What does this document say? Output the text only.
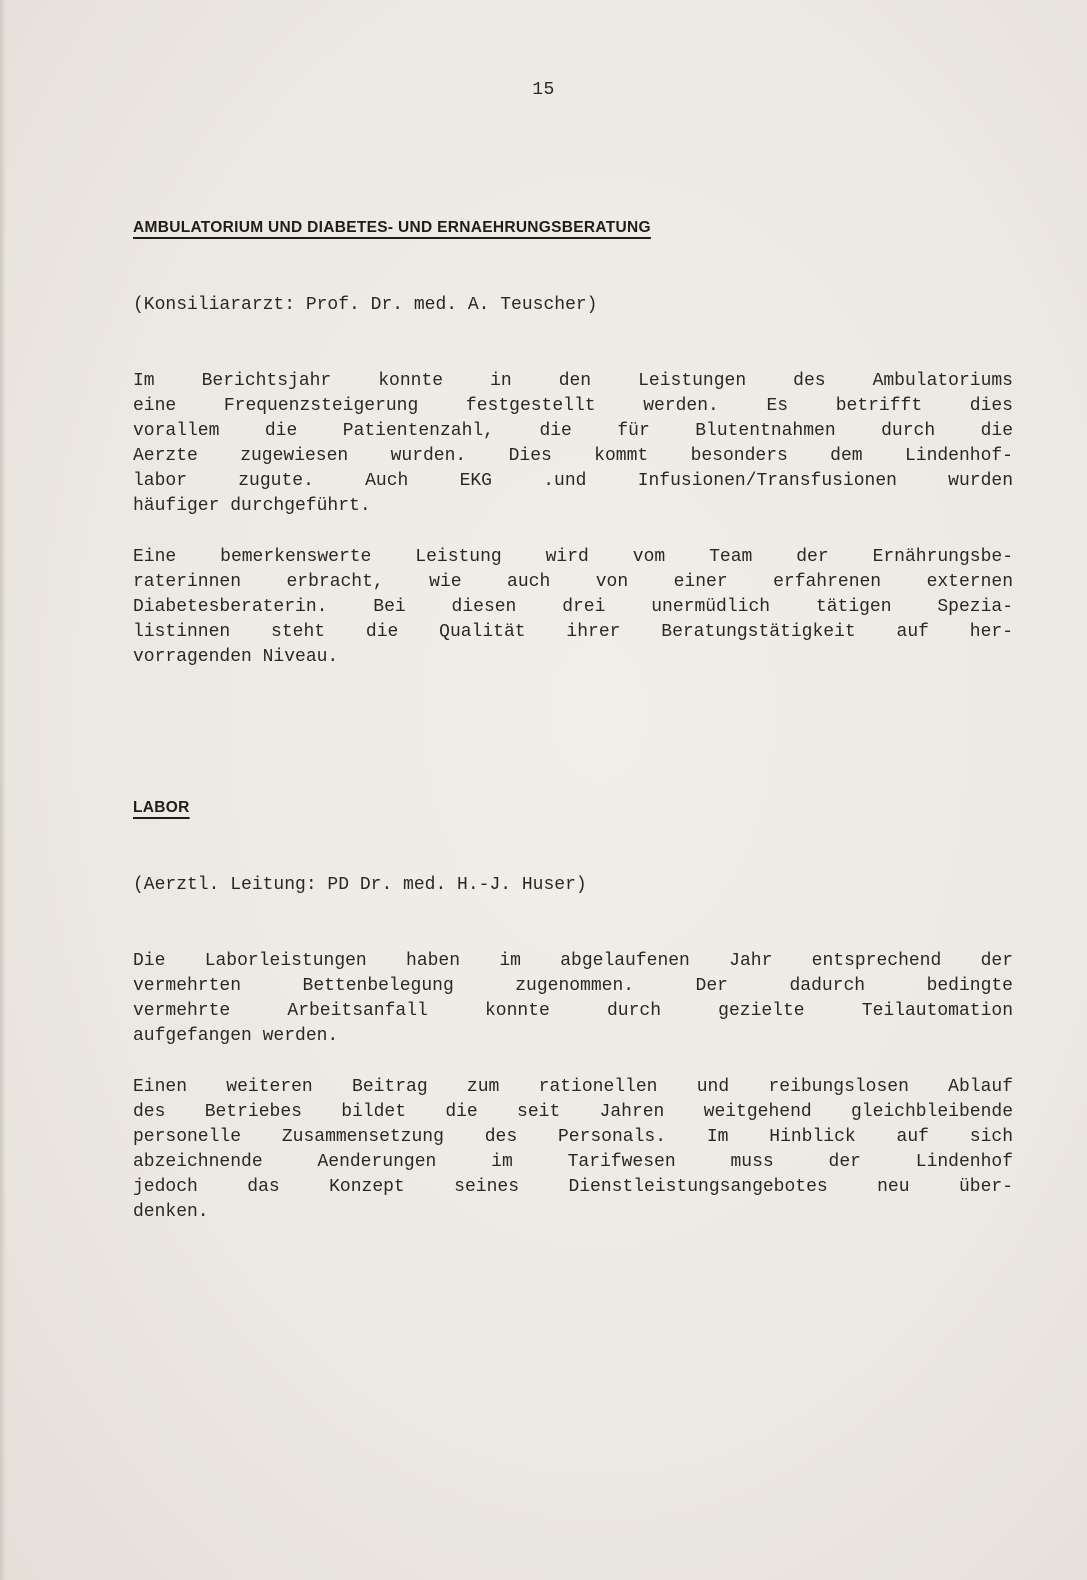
15
AMBULATORIUM UND DIABETES- UND ERNAEHRUNGSBERATUNG
(Konsiliararzt: Prof. Dr. med. A. Teuscher)
Im Berichtsjahr konnte in den Leistungen des Ambulatoriums
eine Frequenzsteigerung festgestellt werden. Es betrifft dies
vorallem die Patientenzahl, die für Blutentnahmen durch die
Aerzte zugewiesen wurden. Dies kommt besonders dem Lindenhof-
labor zugute. Auch EKG .und Infusionen/Transfusionen wurden
häufiger durchgeführt.
Eine bemerkenswerte Leistung wird vom Team der Ernährungsbe-
raterinnen erbracht, wie auch von einer erfahrenen externen
Diabetesberaterin. Bei diesen drei unermüdlich tätigen Spezia-
listinnen steht die Qualität ihrer Beratungstätigkeit auf her-
vorragenden Niveau.
LABOR
(Aerztl. Leitung: PD Dr. med. H.-J. Huser)
Die Laborleistungen haben im abgelaufenen Jahr entsprechend der
vermehrten Bettenbelegung zugenommen. Der dadurch bedingte
vermehrte Arbeitsanfall konnte durch gezielte Teilautomation
aufgefangen werden.
Einen weiteren Beitrag zum rationellen und reibungslosen Ablauf
des Betriebes bildet die seit Jahren weitgehend gleichbleibende
personelle Zusammensetzung des Personals. Im Hinblick auf sich
abzeichnende Aenderungen im Tarifwesen muss der Lindenhof
jedoch das Konzept seines Dienstleistungsangebotes neu über-
denken.
